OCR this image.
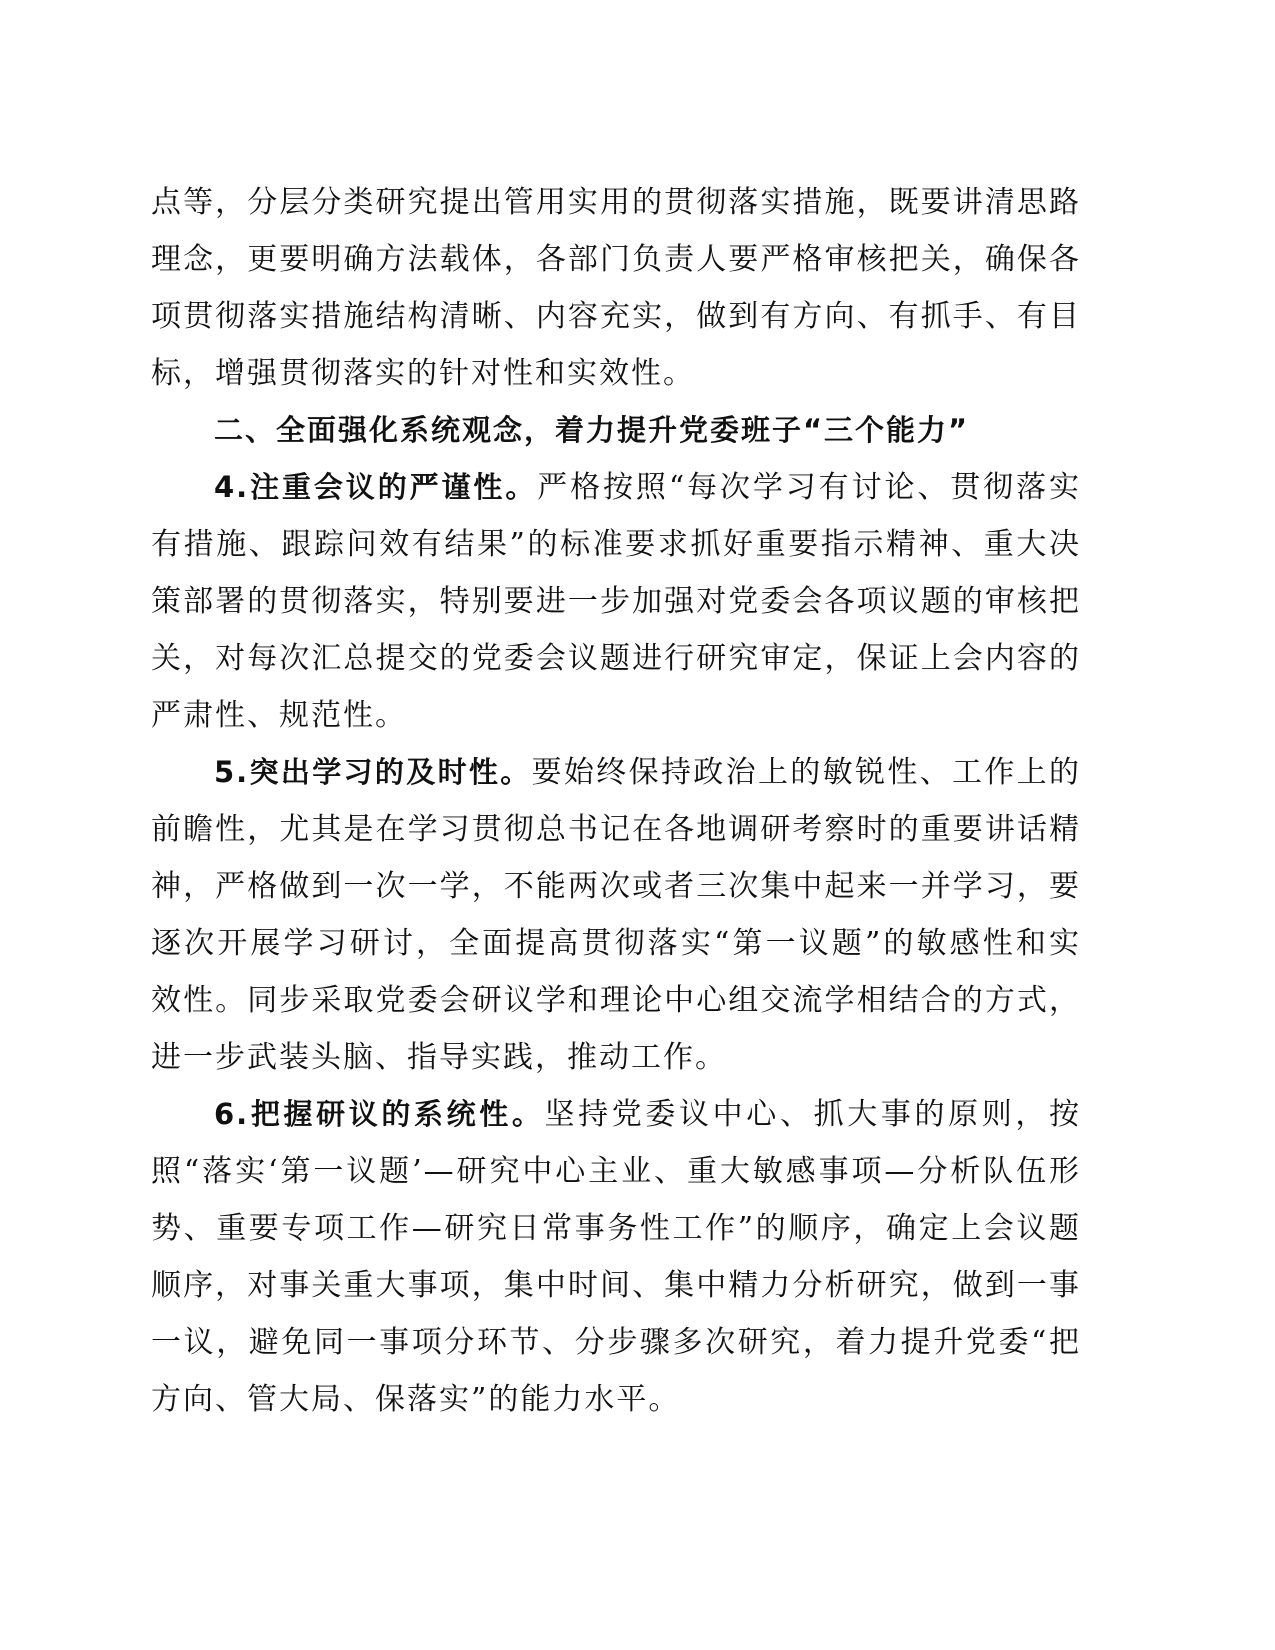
点等，分层分类研究提出管用实用的贯彻落实措施，既要讲清思路理念，更要明确方法载体，各部门负责人要严格审核把关，确保各项贯彻落实措施结构清晰、内容充实，做到有方向、有抓手、有目标，增强贯彻落实的针对性和实效性。

二、全面强化系统观念，着力提升党委班子“三个能力”

4.注重会议的严谨性。严格按照“每次学习有讨论、贯彻落实有措施、跟踪问效有结果”的标准要求抓好重要指示精神、重大决策部署的贯彻落实，特别要进一步加强对党委会各项议题的审核把关，对每次汇总提交的党委会议题进行研究审定，保证上会内容的严肃性、规范性。

5.突出学习的及时性。要始终保持政治上的敏锐性、工作上的前瞻性，尤其是在学习贯彻总书记在各地调研考察时的重要讲话精神，严格做到一次一学，不能两次或者三次集中起来一并学习，要逐次开展学习研讨，全面提高贯彻落实“第一议题”的敏感性和实效性。同步采取党委会研议学和理论中心组交流学相结合的方式，进一步武装头脑、指导实践，推动工作。

6.把握研议的系统性。坚持党委议中心、抓大事的原则，按照“落实‘第一议题’—研究中心主业、重大敏感事项—分析队伍形势、重要专项工作—研究日常事务性工作”的顺序，确定上会议题顺序，对事关重大事项，集中时间、集中精力分析研究，做到一事一议，避免同一事项分环节、分步骤多次研究，着力提升党委“把方向、管大局、保落实”的能力水平。
